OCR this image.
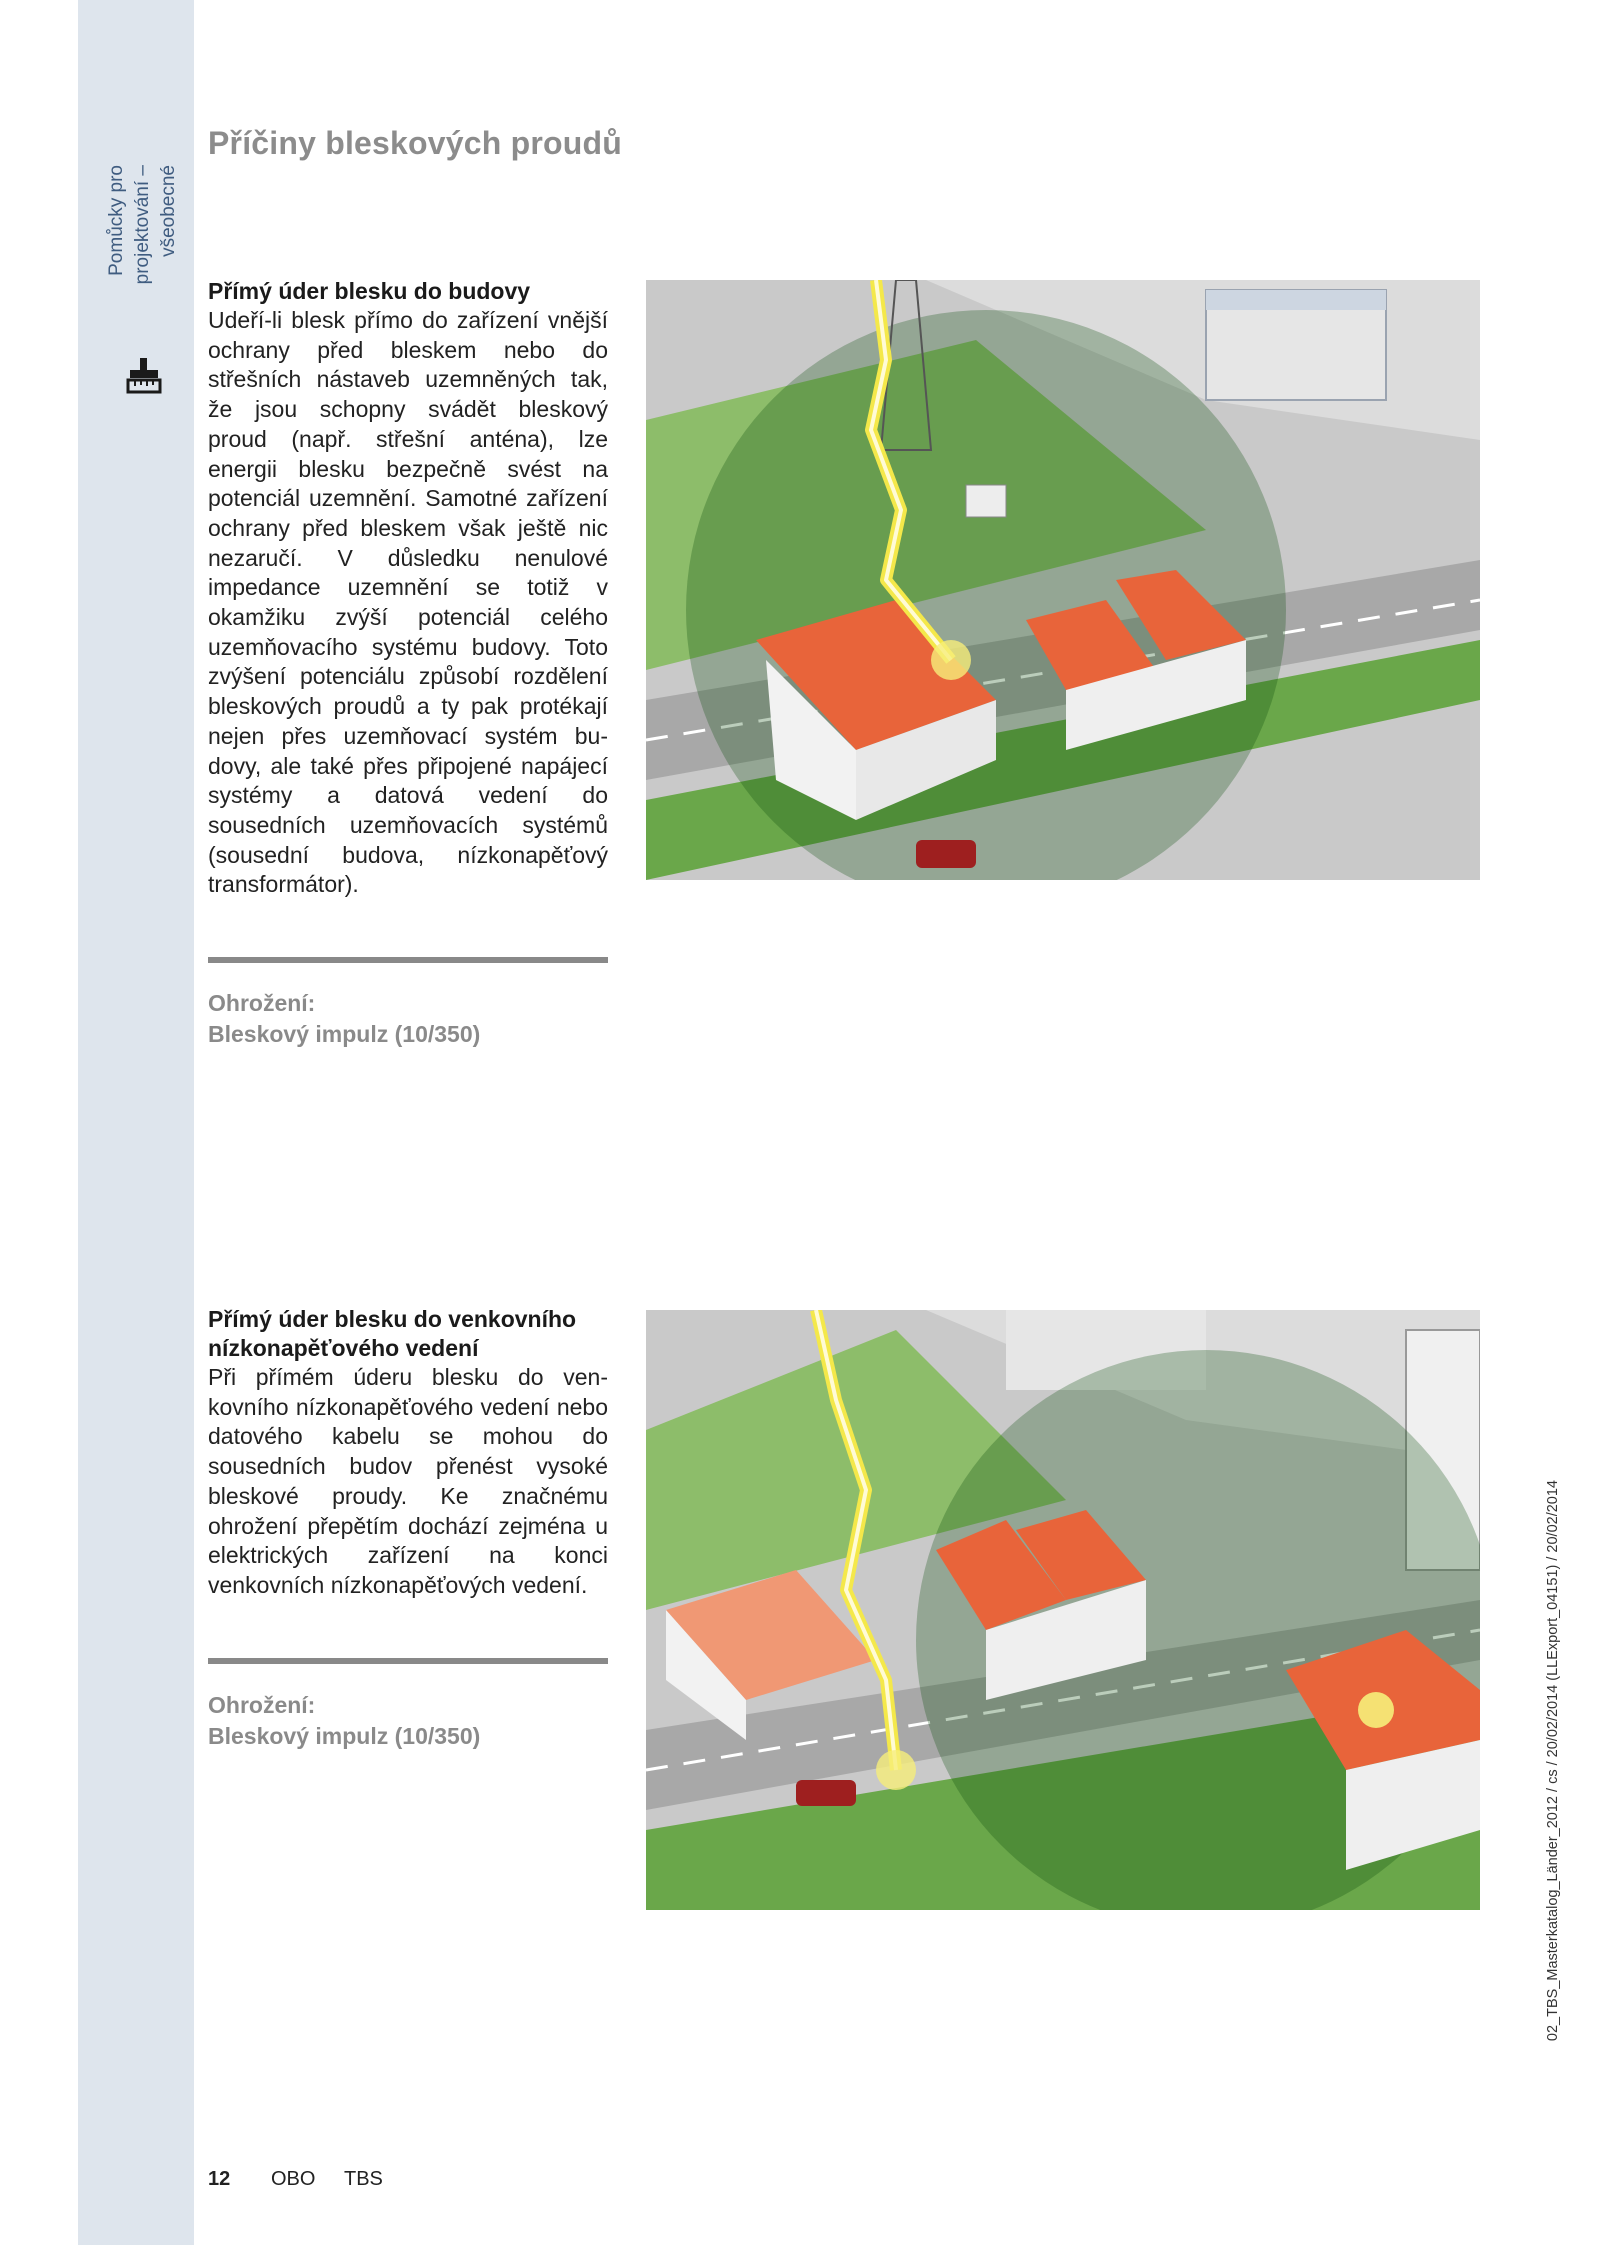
Pomůcky pro projektování – všeobecné
Příčiny bleskových proudů

Přímý úder blesku do budovy

Udeří-li blesk přímo do zařízení vnější ochrany před bleskem nebo do střešních nástaveb uzemněných tak, že jsou schopny svádět bleskový proud (např. střešní anténa), lze energii blesku bezpečně svést na potenciál uzemnění. Samotné zařízení ochrany před bleskem však ještě nic nezaručí. V důsledku nenulové impedance uzemnění se totiž v okamžiku zvýší potenciál celého uzemňovacího systému budovy. Toto zvýšení potenciálu způsobí rozdělení bleskových proudů a ty pak protékají nejen přes uzemňovací systém budovy, ale také přes připojené napájecí systémy a datová vedení do sousedních uzemňovacích systémů (sousední budova, nízkonapěťový transformátor).

Ohrožení:
Bleskový impulz (10/350)

Přímý úder blesku do venkovního nízkonapěťového vedení

Při přímém úderu blesku do venkovního nízkonapěťového vedení nebo datového kabelu se mohou do sousedních budov přenést vysoké bleskové proudy. Ke značnému ohrožení přepětím dochází zejména u elektrických zařízení na konci venkovních nízkonapěťových vedení.

Ohrožení:
Bleskový impulz (10/350)
12 OBO TBS
02_TBS_Masterkatalog_Länder_2012 / cs / 20/02/2014 (LLExport_04151) / 20/02/2014
